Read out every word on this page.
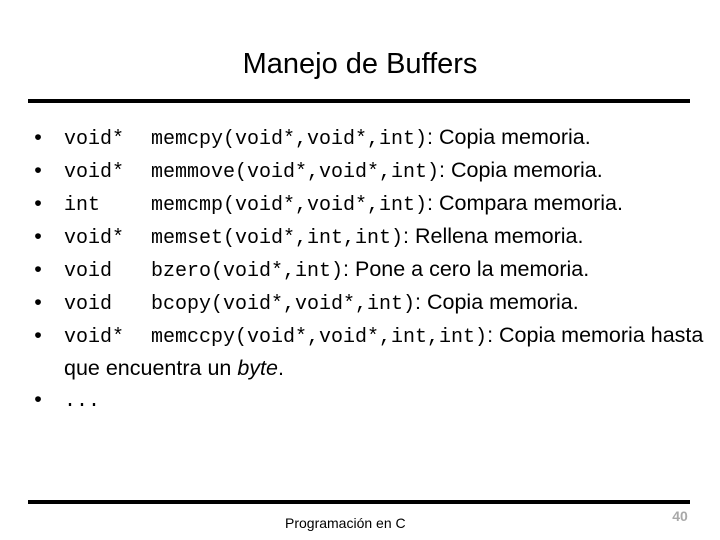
Manejo de Buffers
•	void* memcpy(void*,void*,int): Copia memoria.
•	void* memmove(void*,void*,int): Copia memoria.
•	int	memcmp(void*,void*,int): Compara memoria.
•	void* memset(void*,int,int): Rellena memoria.
•	void bzero(void*,int): Pone a cero la memoria.
•	void bcopy(void*,void*,int): Copia memoria.
•	void* memccpy(void*,void*,int,int): Copia memoria hasta que encuentra un byte.
•	...
Programación en C	40
